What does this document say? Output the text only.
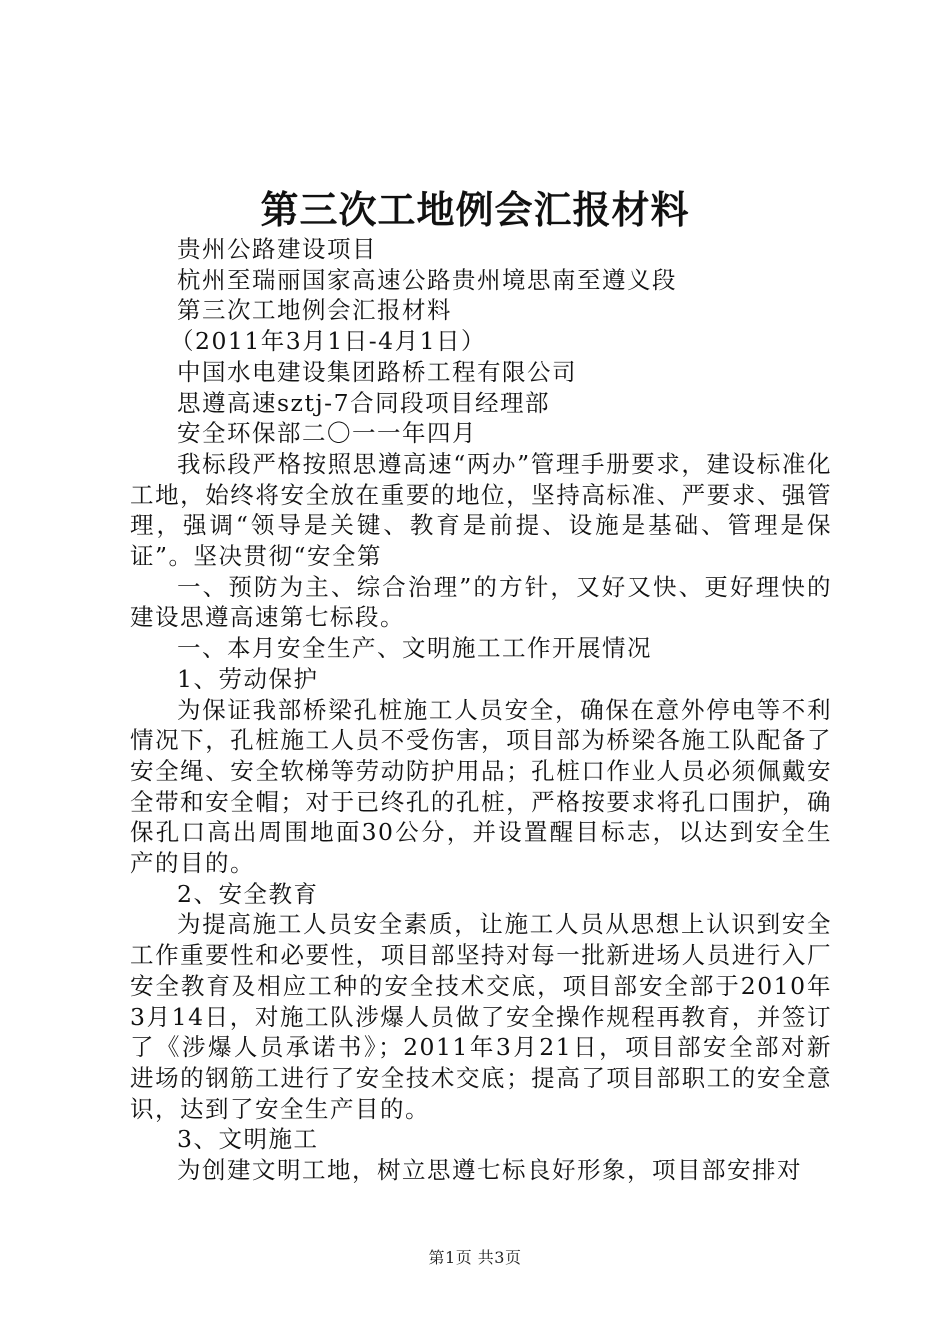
第三次工地例会汇报材料
贵州公路建设项目
杭州至瑞丽国家高速公路贵州境思南至遵义段
第三次工地例会汇报材料
（2011年3月1日-4月1日）
中国水电建设集团路桥工程有限公司
思遵高速sztj-7合同段项目经理部
安全环保部二〇一一年四月

我标段严格按照思遵高速“两办”管理手册要求，建设标准化工地，始终将安全放在重要的地位，坚持高标准、严要求、强管理，强调“领导是关键、教育是前提、设施是基础、管理是保证”。坚决贯彻“安全第

一、预防为主、综合治理”的方针，又好又快、更好理快的建设思遵高速第七标段。

一、本月安全生产、文明施工工作开展情况
1、劳动保护

为保证我部桥梁孔桩施工人员安全，确保在意外停电等不利情况下，孔桩施工人员不受伤害，项目部为桥梁各施工队配备了安全绳、安全软梯等劳动防护用品；孔桩口作业人员必须佩戴安全带和安全帽；对于已终孔的孔桩，严格按要求将孔口围护，确保孔口高出周围地面30公分，并设置醒目标志，以达到安全生产的目的。

2、安全教育

为提高施工人员安全素质，让施工人员从思想上认识到安全工作重要性和必要性，项目部坚持对每一批新进场人员进行入厂安全教育及相应工种的安全技术交底，项目部安全部于2010年3月14日，对施工队涉爆人员做了安全操作规程再教育，并签订了《涉爆人员承诺书》；2011年3月21日，项目部安全部对新进场的钢筋工进行了安全技术交底；提高了项目部职工的安全意识，达到了安全生产目的。

3、文明施工

为创建文明工地，树立思遵七标良好形象，项目部安排对

第1页 共3页
